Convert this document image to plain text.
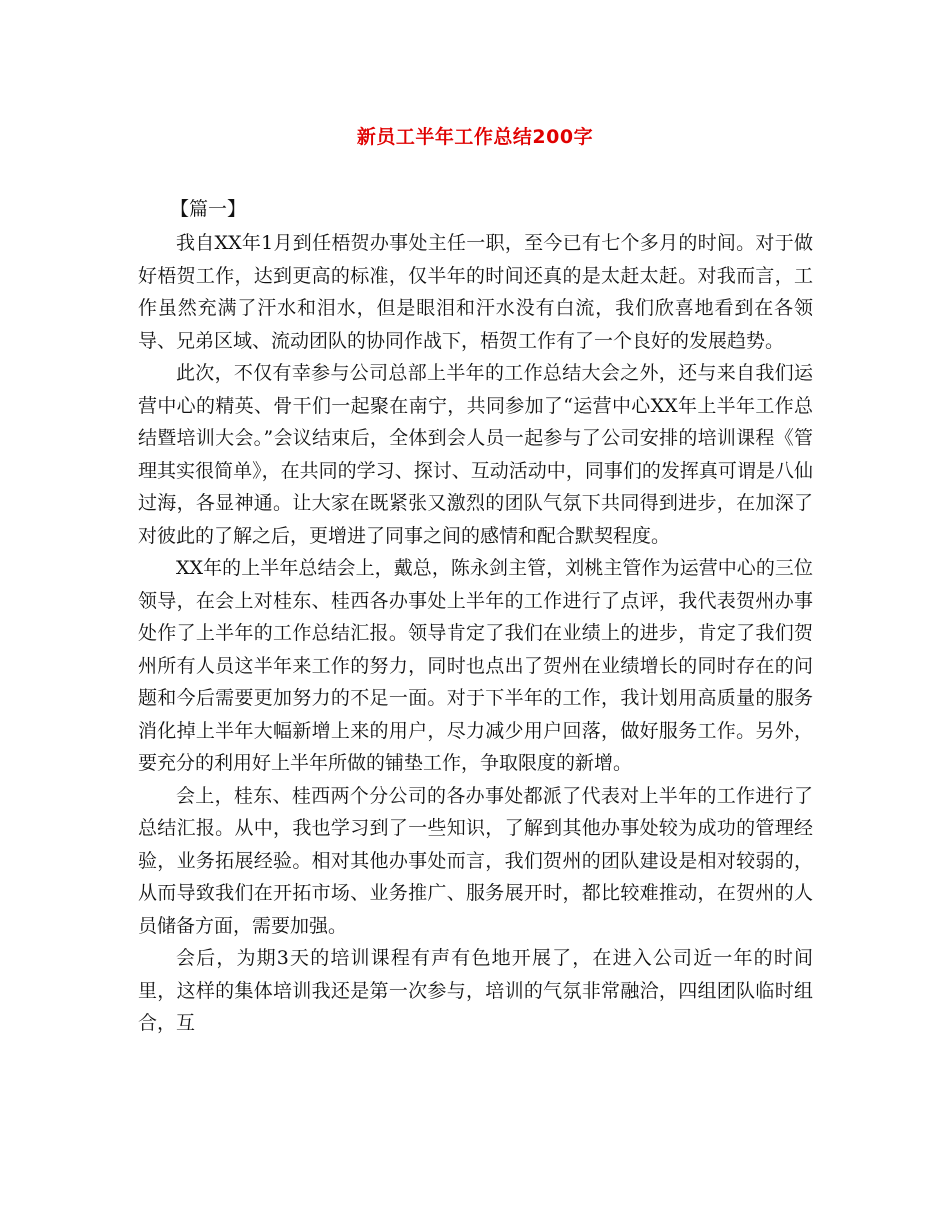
新员工半年工作总结200字
【篇一】

我自XX年1月到任梧贺办事处主任一职，至今已有七个多月的时间。对于做好梧贺工作，达到更高的标准，仅半年的时间还真的是太赶太赶。对我而言，工作虽然充满了汗水和泪水，但是眼泪和汗水没有白流，我们欣喜地看到在各领导、兄弟区域、流动团队的协同作战下，梧贺工作有了一个良好的发展趋势。

此次，不仅有幸参与公司总部上半年的工作总结大会之外，还与来自我们运营中心的精英、骨干们一起聚在南宁，共同参加了“运营中心XX年上半年工作总结暨培训大会。”会议结束后，全体到会人员一起参与了公司安排的培训课程《管理其实很简单》，在共同的学习、探讨、互动活动中，同事们的发挥真可谓是八仙过海，各显神通。让大家在既紧张又激烈的团队气氛下共同得到进步，在加深了对彼此的了解之后，更增进了同事之间的感情和配合默契程度。

XX年的上半年总结会上，戴总，陈永剑主管，刘桃主管作为运营中心的三位领导，在会上对桂东、桂西各办事处上半年的工作进行了点评，我代表贺州办事处作了上半年的工作总结汇报。领导肯定了我们在业绩上的进步，肯定了我们贺州所有人员这半年来工作的努力，同时也点出了贺州在业绩增长的同时存在的问题和今后需要更加努力的不足一面。对于下半年的工作，我计划用高质量的服务消化掉上半年大幅新增上来的用户，尽力减少用户回落，做好服务工作。另外，要充分的利用好上半年所做的铺垫工作，争取限度的新增。

会上，桂东、桂西两个分公司的各办事处都派了代表对上半年的工作进行了总结汇报。从中，我也学习到了一些知识，了解到其他办事处较为成功的管理经验，业务拓展经验。相对其他办事处而言，我们贺州的团队建设是相对较弱的，从而导致我们在开拓市场、业务推广、服务展开时，都比较难推动，在贺州的人员储备方面，需要加强。

会后，为期3天的培训课程有声有色地开展了，在进入公司近一年的时间里，这样的集体培训我还是第一次参与，培训的气氛非常融洽，四组团队临时组合，互
